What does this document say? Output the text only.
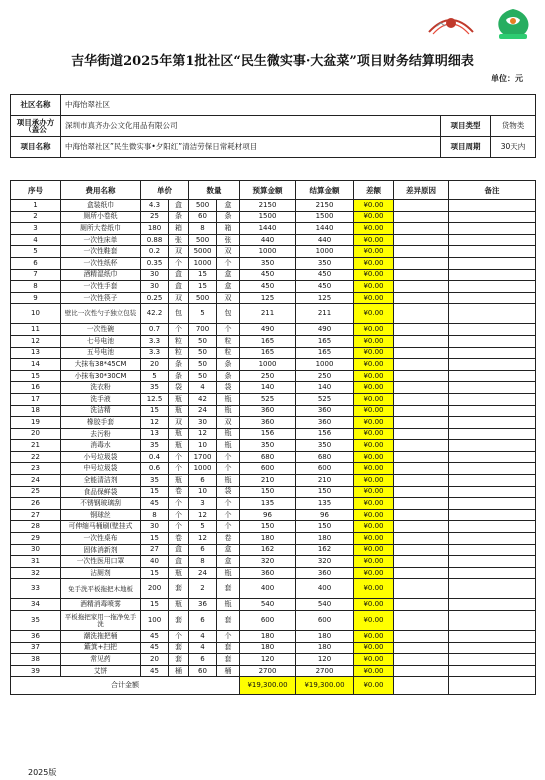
吉华街道2025年第1批社区“民生微实事·大盆菜”项目财务结算明细表
单位：元
社区名称	中海怡翠社区		
项目承办方（盖公	深圳市真齐办公文化用品有限公司	项目类型	货物类
项目名称	中海怡翠社区”民生微实事•夕阳红”清洁劳保日常耗材项目	项目周期	30天内
序号	费用名称	单价		数量		预算金额	结算金额	差额	差异原因	备注
1	盒装纸巾	4.3	盒	500	盒	2150	2150	¥0.00		
2	厕所小卷纸	25	条	60	条	1500	1500	¥0.00		
3	厕所大卷纸巾	180	箱	8	箱	1440	1440	¥0.00		
4	一次性床单	0.88	张	500	张	440	440	¥0.00		
5	一次性鞋套	0.2	双	5000	双	1000	1000	¥0.00		
6	一次性纸杯	0.35	个	1000	个	350	350	¥0.00		
7	酒精湿纸巾	30	盒	15	盒	450	450	¥0.00		
8	一次性手套	30	盒	15	盒	450	450	¥0.00		
9	一次性筷子	0.25	双	500	双	125	125	¥0.00		
10	壁比一次性勺子独立包装	42.2	包	5	包	211	211	¥0.00		
11	一次性碗	0.7	个	700	个	490	490	¥0.00		
12	七号电池	3.3	粒	50	粒	165	165	¥0.00		
13	五号电池	3.3	粒	50	粒	165	165	¥0.00		
14	大抹布38*45CM	20	条	50	条	1000	1000	¥0.00		
15	小抹布30*30CM	5	条	50	条	250	250	¥0.00		
16	洗衣粉	35	袋	4	袋	140	140	¥0.00		
17	洗手液	12.5	瓶	42	瓶	525	525	¥0.00		
18	洗洁精	15	瓶	24	瓶	360	360	¥0.00		
19	橡胶手套	12	双	30	双	360	360	¥0.00		
20	去污粉	13	瓶	12	瓶	156	156	¥0.00		
21	消毒水	35	瓶	10	瓶	350	350	¥0.00		
22	小号垃圾袋	0.4	个	1700	个	680	680	¥0.00		
23	中号垃圾袋	0.6	个	1000	个	600	600	¥0.00		
24	全能清洁剂	35	瓶	6	瓶	210	210	¥0.00		
25	食品保鲜袋	15	卷	10	袋	150	150	¥0.00		
26	不锈钢玻璃刮	45	个	3	个	135	135	¥0.00		
27	钢球丝	8	个	12	个	96	96	¥0.00		
28	可伸缩马桶刷(壁挂式	30	个	5	个	150	150	¥0.00		
29	一次性桌布	15	卷	12	卷	180	180	¥0.00		
30	固体消新剂	27	盒	6	盒	162	162	¥0.00		
31	一次性医用口罩	40	盒	8	盒	320	320	¥0.00		
32	沾厕剂	15	瓶	24	瓶	360	360	¥0.00		
33	免手洗平板拖把木地板	200	套	2	套	400	400	¥0.00		
34	酒精消毒喷雾	15	瓶	36	瓶	540	540	¥0.00		
35	平板拖把家用一拖净免手洗	100	套	6	套	600	600	¥0.00		
36	潮洗拖把桶	45	个	4	个	180	180	¥0.00		
37	簸箕+扫把	45	套	4	套	180	180	¥0.00		
38	常见药	20	套	6	套	120	120	¥0.00		
39	艾饼	45	桶	60	桶	2700	2700	¥0.00		
合计金额						¥19,300.00	¥19,300.00	¥0.00		
2025版
